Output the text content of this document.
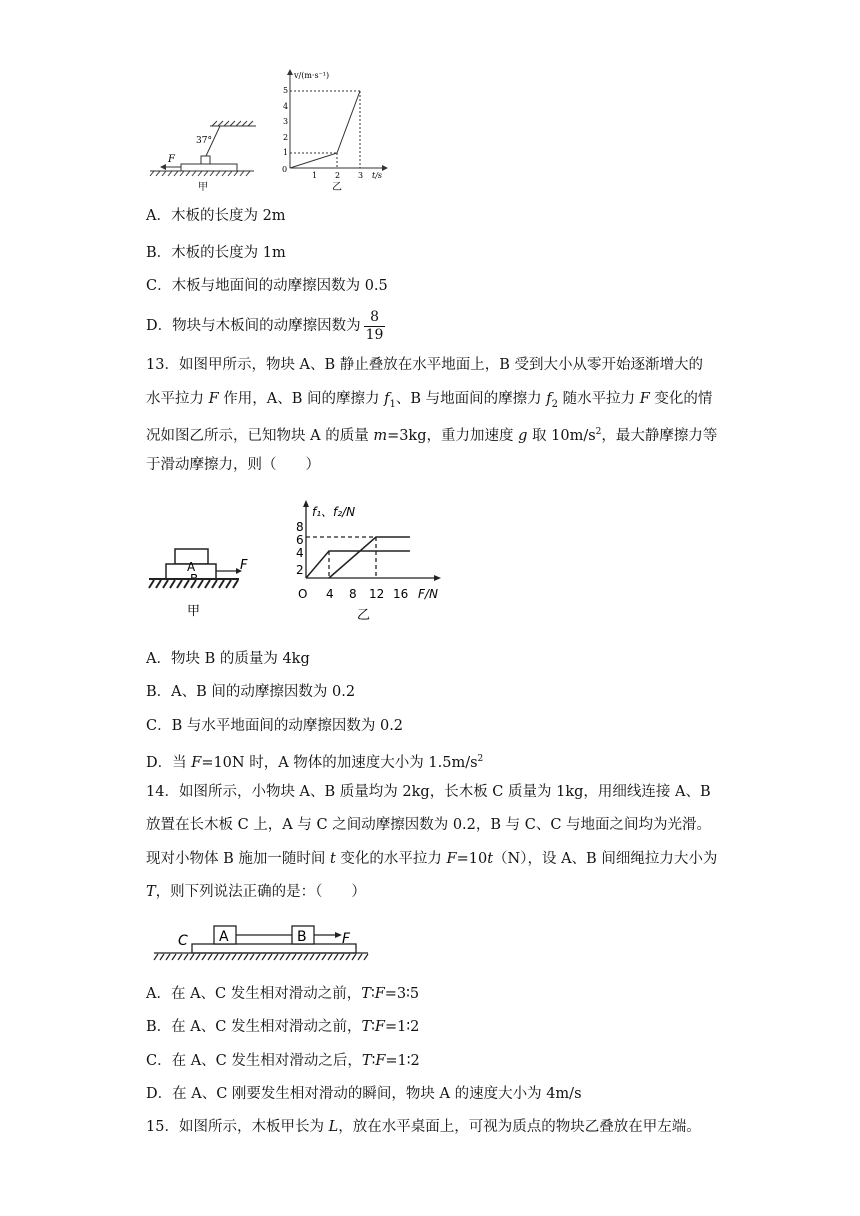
37°
F
甲
v/(m·s⁻¹)
t/s
0
1
2
3
4
5
1 2 3
乙
A．木板的长度为 2m
B．木板的长度为 1m
C．木板与地面间的动摩擦因数为 0.5
D．物块与木板间的动摩擦因数为 $\frac{8}{19}$
13．如图甲所示，物块 A、B 静止叠放在水平地面上，B 受到大小从零开始逐渐增大的
水平拉力 F 作用，A、B 间的摩擦力 $f_1$、B 与地面间的摩擦力 $f_2$ 随水平拉力 F 变化的情
况如图乙所示，已知物块 A 的质量 m=3kg，重力加速度 g 取 $10m/s^2$，最大静摩擦力等
于滑动摩擦力，则（　　）
A	F
甲
f₁、f₂/N
F/N
O
2
4
6
8
4 8 12 16
乙
A．物块 B 的质量为 4kg
B．A、B 间的动摩擦因数为 0.2
C．B 与水平地面间的动摩擦因数为 0.2
D．当 F=10N 时，A 物体的加速度大小为 $1.5m/s^2$
14．如图所示，小物块 A、B 质量均为 2kg，长木板 C 质量为 1kg，用细线连接 A、B
放置在长木板 C 上，A 与 C 之间动摩擦因数为 0.2，B 与 C、C 与地面之间均为光滑。
现对小物体 B 施加一随时间 t 变化的水平拉力 F=10t（N），设 A、B 间细绳拉力大小为
T，则下列说法正确的是：（　　）
C A	B	F
A．在 A、C 发生相对滑动之前，T∶F=3∶5
B．在 A、C 发生相对滑动之前，T∶F=1∶2
C．在 A、C 发生相对滑动之后，T∶F=1∶2
D．在 A、C 刚要发生相对滑动的瞬间，物块 A 的速度大小为 4m/s
15．如图所示，木板甲长为 L，放在水平桌面上，可视为质点的物块乙叠放在甲左端。
